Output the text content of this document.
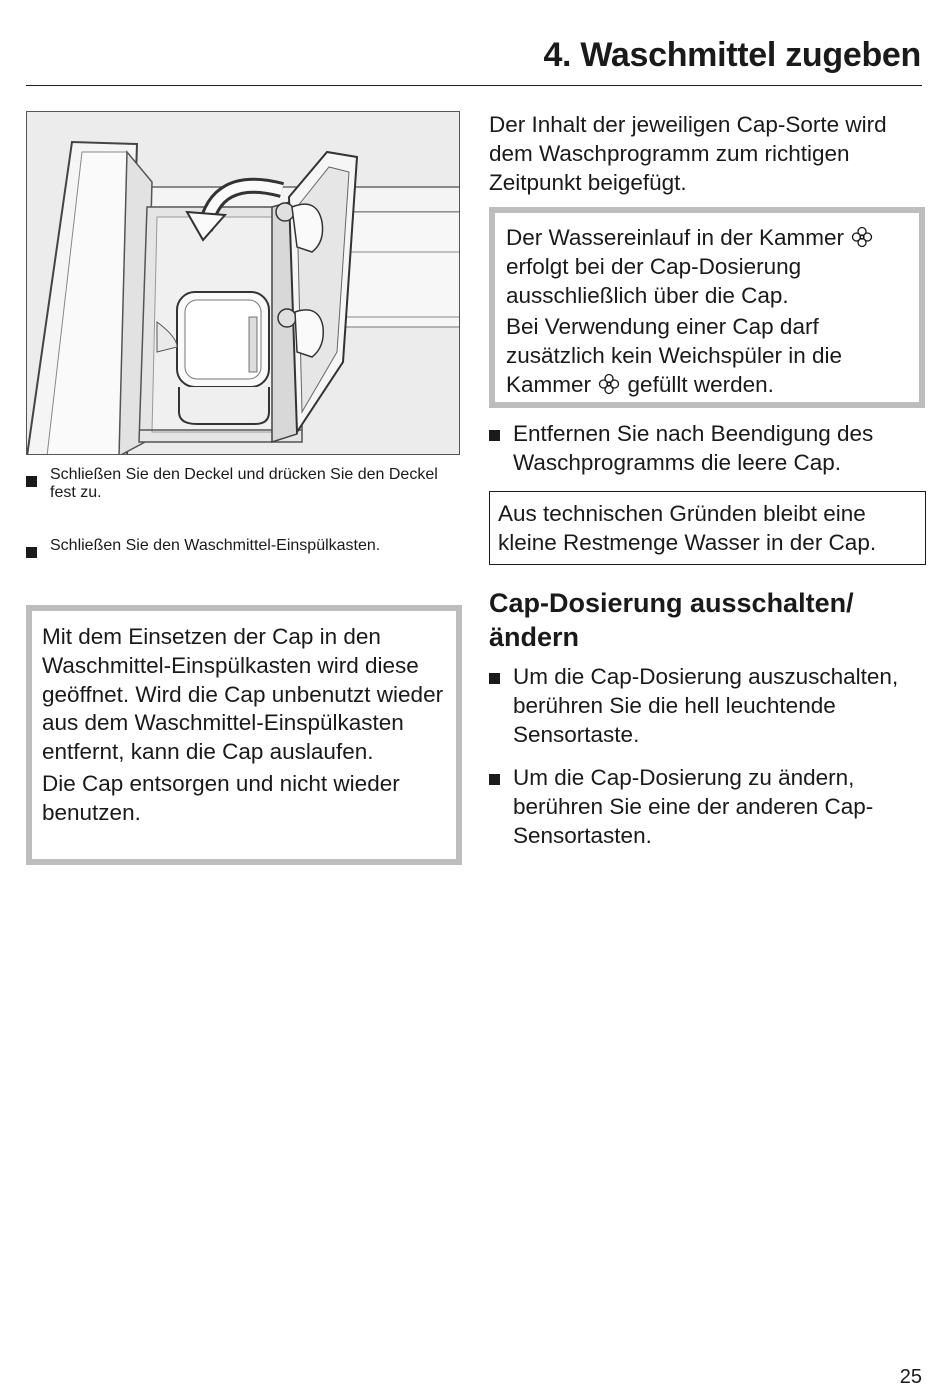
4. Waschmittel zugeben
Schließen Sie den Deckel und drücken Sie den Deckel fest zu.
Schließen Sie den Waschmittel-Einspülkasten.

Mit dem Einsetzen der Cap in den Waschmittel-Einspülkasten wird diese geöffnet. Wird die Cap unbenutzt wieder aus dem Waschmittel-Einspülkasten entfernt, kann die Cap auslaufen.

Die Cap entsorgen und nicht wieder benutzen.

Der Inhalt der jeweiligen Cap-Sorte wird dem Waschprogramm zum richtigen Zeitpunkt beigefügt.

Der Wassereinlauf in der Kammer  erfolgt bei der Cap-Dosierung ausschließlich über die Cap.

Bei Verwendung einer Cap darf zusätzlich kein Weichspüler in die Kammer gefüllt werden.

Entfernen Sie nach Beendigung des Waschprogramms die leere Cap.
Aus technischen Gründen bleibt eine kleine Restmenge Wasser in der Cap.
Cap-Dosierung ausschalten/
ändern
Um die Cap-Dosierung auszuschalten, berühren Sie die hell leuchtende Sensortaste.
Um die Cap-Dosierung zu ändern, berühren Sie eine der anderen Cap-Sensortasten.
25
